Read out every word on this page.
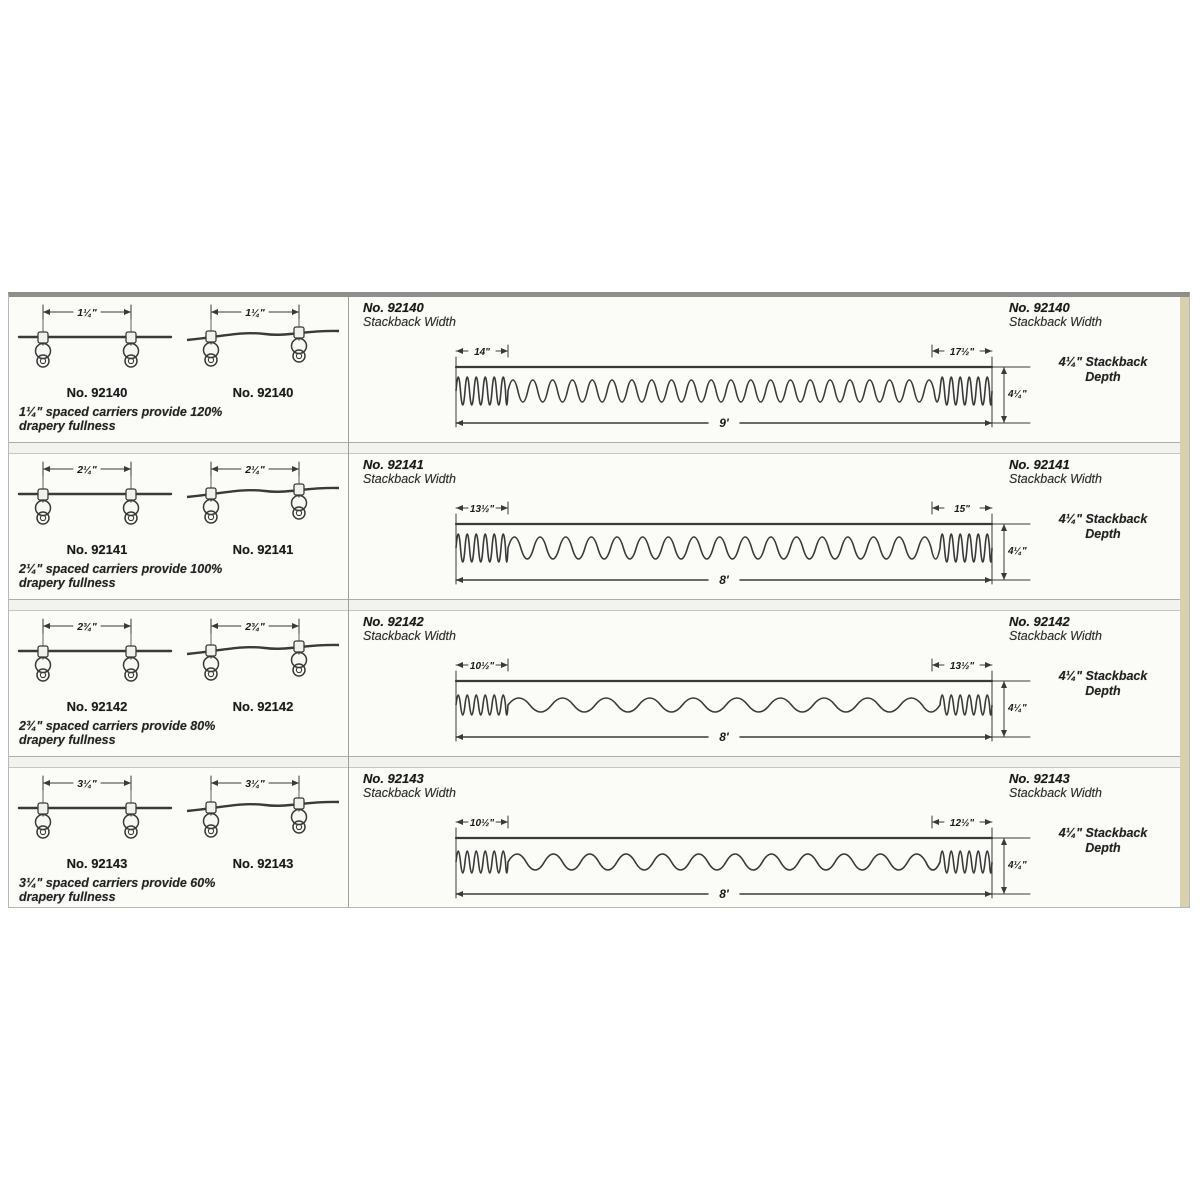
1¼"	1¼"
No. 92140	No. 92140
1¼" spaced carriers provide 120%
drapery fullness
No. 92140
Stackback Width
No. 92140
Stackback Width
14"	17½"
9'
4¼"
4¼" Stackback
Depth
2¼"	2¼"
No. 92141	No. 92141
2¼" spaced carriers provide 100%
drapery fullness
No. 92141
Stackback Width
No. 92141
Stackback Width
13½"	15"
8'
4¼"
4¼" Stackback
Depth
2¾"	2¾"
No. 92142	No. 92142
2¾" spaced carriers provide 80%
drapery fullness
No. 92142
Stackback Width
No. 92142
Stackback Width
10½"	13½"
8'
4¼"
4¼" Stackback
Depth
3¼"	3¼"
No. 92143	No. 92143
3¼" spaced carriers provide 60%
drapery fullness
No. 92143
Stackback Width
No. 92143
Stackback Width
10½"	12½"
8'
4¼"
4¼" Stackback
Depth
